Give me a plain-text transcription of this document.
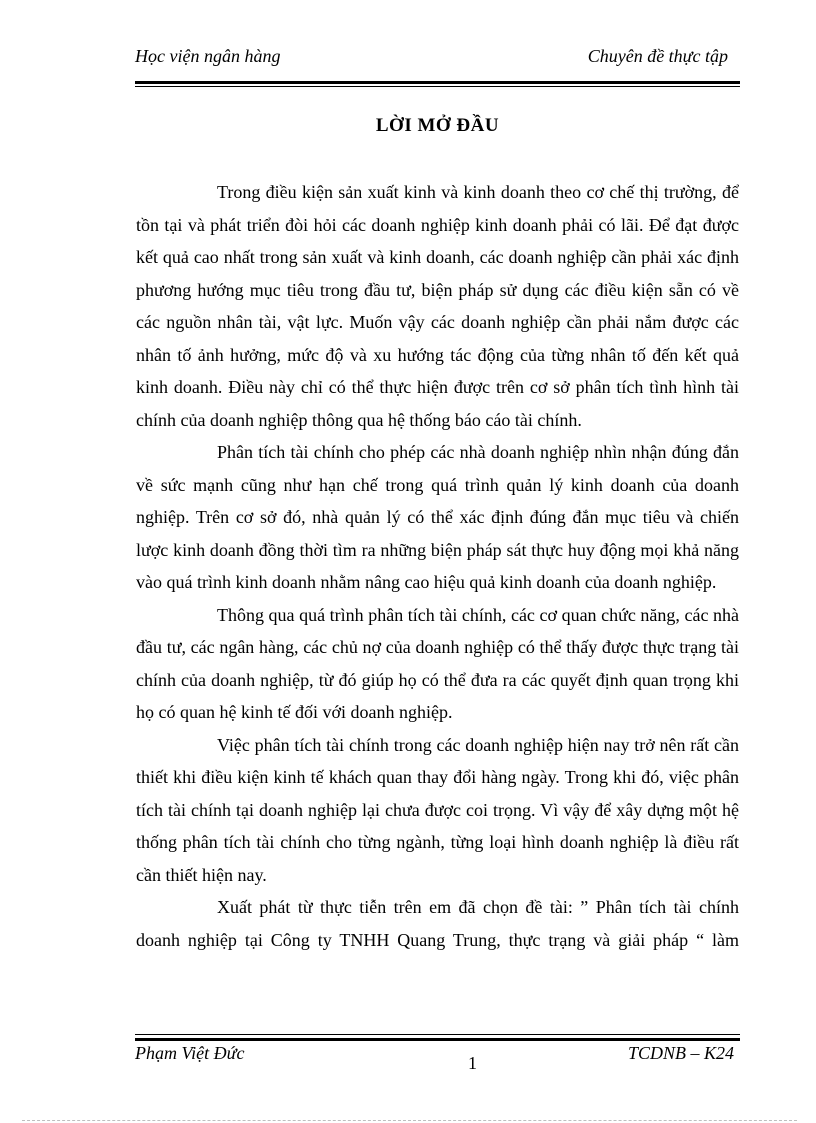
Học viện ngân hàng	Chuyên đề thực tập
LỜI MỞ ĐẦU

Trong điều kiện sản xuất kinh và kinh doanh theo cơ chế thị trường, để tồn tại và phát triển đòi hỏi các doanh nghiệp kinh doanh phải có lãi. Để đạt được kết quả cao nhất trong sản xuất và kinh doanh, các doanh nghiệp cần phải xác định phương hướng mục tiêu trong đầu tư, biện pháp sử dụng các điều kiện sẵn có về các nguồn nhân tài, vật lực. Muốn vậy các doanh nghiệp cần phải nắm được các nhân tố ảnh hưởng, mức độ và xu hướng tác động của từng nhân tố đến kết quả kinh doanh. Điều này chỉ có thể thực hiện được trên cơ sở phân tích tình hình tài chính của doanh nghiệp thông qua hệ thống báo cáo tài chính.

Phân tích tài chính cho phép các nhà doanh nghiệp nhìn nhận đúng đắn về sức mạnh cũng như hạn chế trong quá trình quản lý kinh doanh của doanh nghiệp. Trên cơ sở đó, nhà quản lý có thể xác định đúng đắn mục tiêu và chiến lược kinh doanh đồng thời tìm ra những biện pháp sát thực huy động mọi khả năng vào quá trình kinh doanh nhằm nâng cao hiệu quả kinh doanh của doanh nghiệp.

Thông qua quá trình phân tích tài chính, các cơ quan chức năng, các nhà đầu tư, các ngân hàng, các chủ nợ của doanh nghiệp có thể thấy được thực trạng tài chính của doanh nghiệp, từ đó giúp họ có thể đưa ra các quyết định quan trọng khi họ có quan hệ kinh tế đối với doanh nghiệp.

Việc phân tích tài chính trong các doanh nghiệp hiện nay trở nên rất cần thiết khi điều kiện kinh tế khách quan thay đổi hàng ngày. Trong khi đó, việc phân tích tài chính tại doanh nghiệp lại chưa được coi trọng. Vì vậy để xây dựng một hệ thống phân tích tài chính cho từng ngành, từng loại hình doanh nghiệp là điều rất cần thiết hiện nay.

Xuất phát từ thực tiễn trên em đã chọn đề tài: ” Phân tích tài chính doanh nghiệp tại Công ty TNHH Quang Trung, thực trạng và giải pháp “ làm

Phạm Việt Đức	1	TCDNB – K24
